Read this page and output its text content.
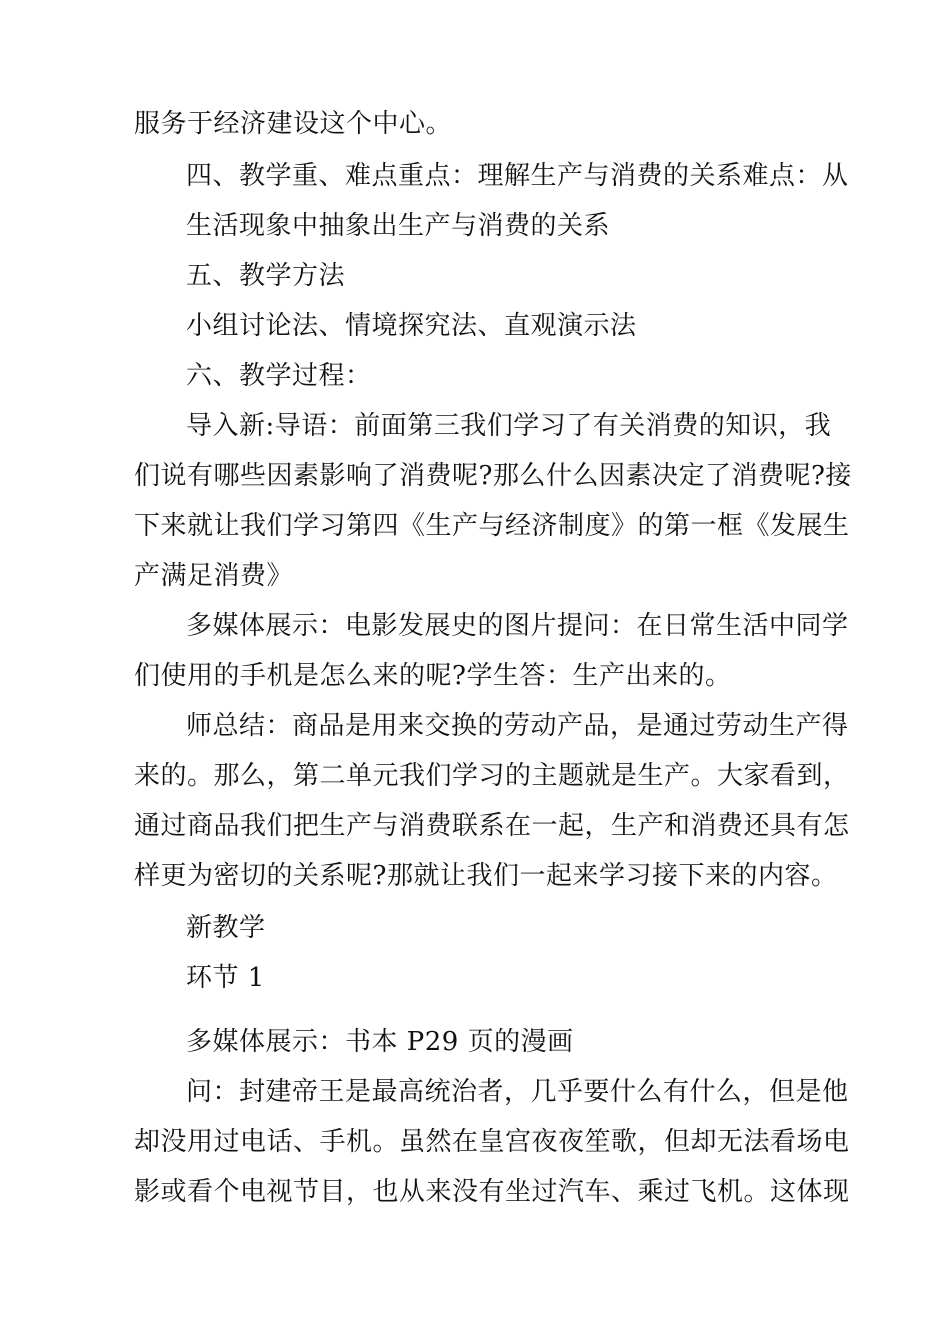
服务于经济建设这个中心。
四、教学重、难点重点：理解生产与消费的关系难点：从
生活现象中抽象出生产与消费的关系
五、教学方法
小组讨论法、情境探究法、直观演示法
六、教学过程：
导入新:导语：前面第三我们学习了有关消费的知识，我
们说有哪些因素影响了消费呢?那么什么因素决定了消费呢?接
下来就让我们学习第四《生产与经济制度》的第一框《发展生
产满足消费》
多媒体展示：电影发展史的图片提问：在日常生活中同学
们使用的手机是怎么来的呢?学生答：生产出来的。
师总结：商品是用来交换的劳动产品，是通过劳动生产得
来的。那么，第二单元我们学习的主题就是生产。大家看到，
通过商品我们把生产与消费联系在一起，生产和消费还具有怎
样更为密切的关系呢?那就让我们一起来学习接下来的内容。
新教学
环节 1
多媒体展示：书本 P29 页的漫画
问：封建帝王是最高统治者，几乎要什么有什么，但是他
却没用过电话、手机。虽然在皇宫夜夜笙歌，但却无法看场电
影或看个电视节目，也从来没有坐过汽车、乘过飞机。这体现
